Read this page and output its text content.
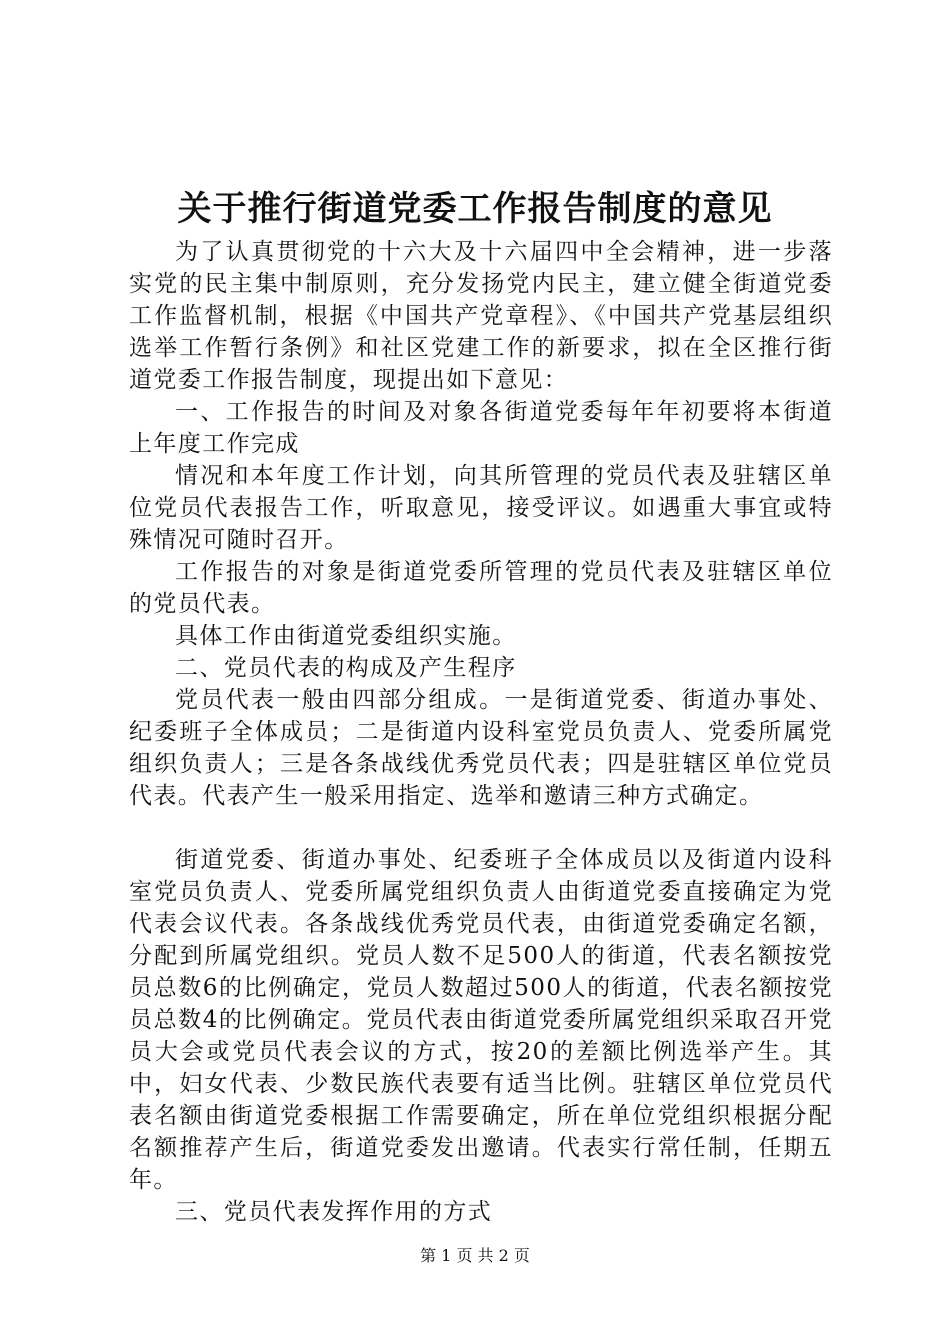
关于推行街道党委工作报告制度的意见

为了认真贯彻党的十六大及十六届四中全会精神，进一步落实党的民主集中制原则，充分发扬党内民主，建立健全街道党委工作监督机制，根据《中国共产党章程》、《中国共产党基层组织选举工作暂行条例》和社区党建工作的新要求，拟在全区推行街道党委工作报告制度，现提出如下意见：

一、工作报告的时间及对象各街道党委每年年初要将本街道上年度工作完成

情况和本年度工作计划，向其所管理的党员代表及驻辖区单位党员代表报告工作，听取意见，接受评议。如遇重大事宜或特殊情况可随时召开。

工作报告的对象是街道党委所管理的党员代表及驻辖区单位的党员代表。

具体工作由街道党委组织实施。

二、党员代表的构成及产生程序

党员代表一般由四部分组成。一是街道党委、街道办事处、纪委班子全体成员；二是街道内设科室党员负责人、党委所属党组织负责人；三是各条战线优秀党员代表；四是驻辖区单位党员代表。代表产生一般采用指定、选举和邀请三种方式确定。

街道党委、街道办事处、纪委班子全体成员以及街道内设科室党员负责人、党委所属党组织负责人由街道党委直接确定为党代表会议代表。各条战线优秀党员代表，由街道党委确定名额，分配到所属党组织。党员人数不足500人的街道，代表名额按党员总数6的比例确定，党员人数超过500人的街道，代表名额按党员总数4的比例确定。党员代表由街道党委所属党组织采取召开党员大会或党员代表会议的方式，按20的差额比例选举产生。其中，妇女代表、少数民族代表要有适当比例。驻辖区单位党员代表名额由街道党委根据工作需要确定，所在单位党组织根据分配名额推荐产生后，街道党委发出邀请。代表实行常任制，任期五年。

三、党员代表发挥作用的方式

第 1 页 共 2 页
